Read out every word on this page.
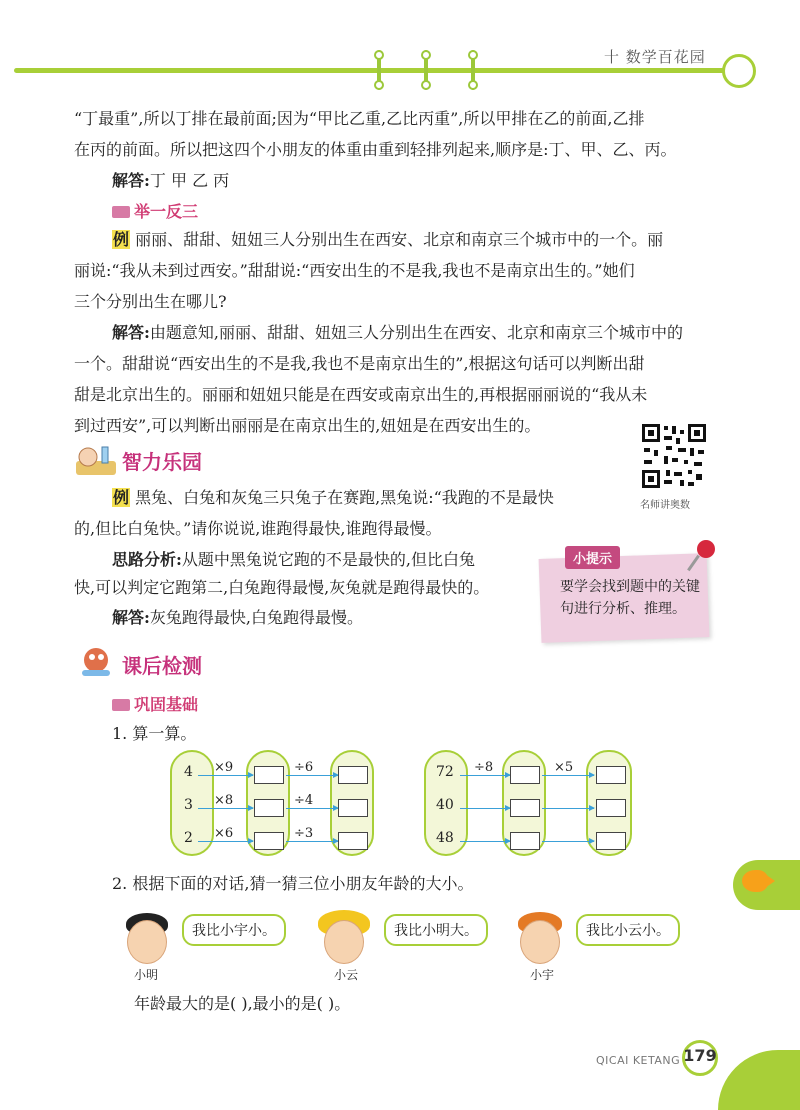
十 数学百花园
“丁最重”,所以丁排在最前面;因为“甲比乙重,乙比丙重”,所以甲排在乙的前面,乙排
在丙的前面。所以把这四个小朋友的体重由重到轻排列起来,顺序是:丁、甲、乙、丙。
解答:丁 甲 乙 丙
举一反三
例 丽丽、甜甜、妞妞三人分别出生在西安、北京和南京三个城市中的一个。丽
丽说:“我从未到过西安。”甜甜说:“西安出生的不是我,我也不是南京出生的。”她们
三个分别出生在哪儿?
解答:由题意知,丽丽、甜甜、妞妞三人分别出生在西安、北京和南京三个城市中的
一个。甜甜说“西安出生的不是我,我也不是南京出生的”,根据这句话可以判断出甜
甜是北京出生的。丽丽和妞妞只能是在西安或南京出生的,再根据丽丽说的“我从未
到过西安”,可以判断出丽丽是在南京出生的,妞妞是在西安出生的。
智力乐园
名师讲奥数
例 黑兔、白兔和灰兔三只兔子在赛跑,黑兔说:“我跑的不是最快
的,但比白兔快。”请你说说,谁跑得最快,谁跑得最慢。
思路分析:从题中黑兔说它跑的不是最快的,但比白兔
快,可以判定它跑第二,白兔跑得最慢,灰兔就是跑得最快的。
解答:灰兔跑得最快,白兔跑得最慢。
小提示
要学会找到题中的关键句进行分析、推理。
课后检测
巩固基础
1. 算一算。
4
3
2
×9
×8
×6
÷6
÷4
÷3
72
40
48
÷8	×5
2. 根据下面的对话,猜一猜三位小朋友年龄的大小。
我比小宇小。
小明
我比小明大。
小云
我比小云小。
小宇
年龄最大的是( ),最小的是( )。
QICAI KETANG 179
